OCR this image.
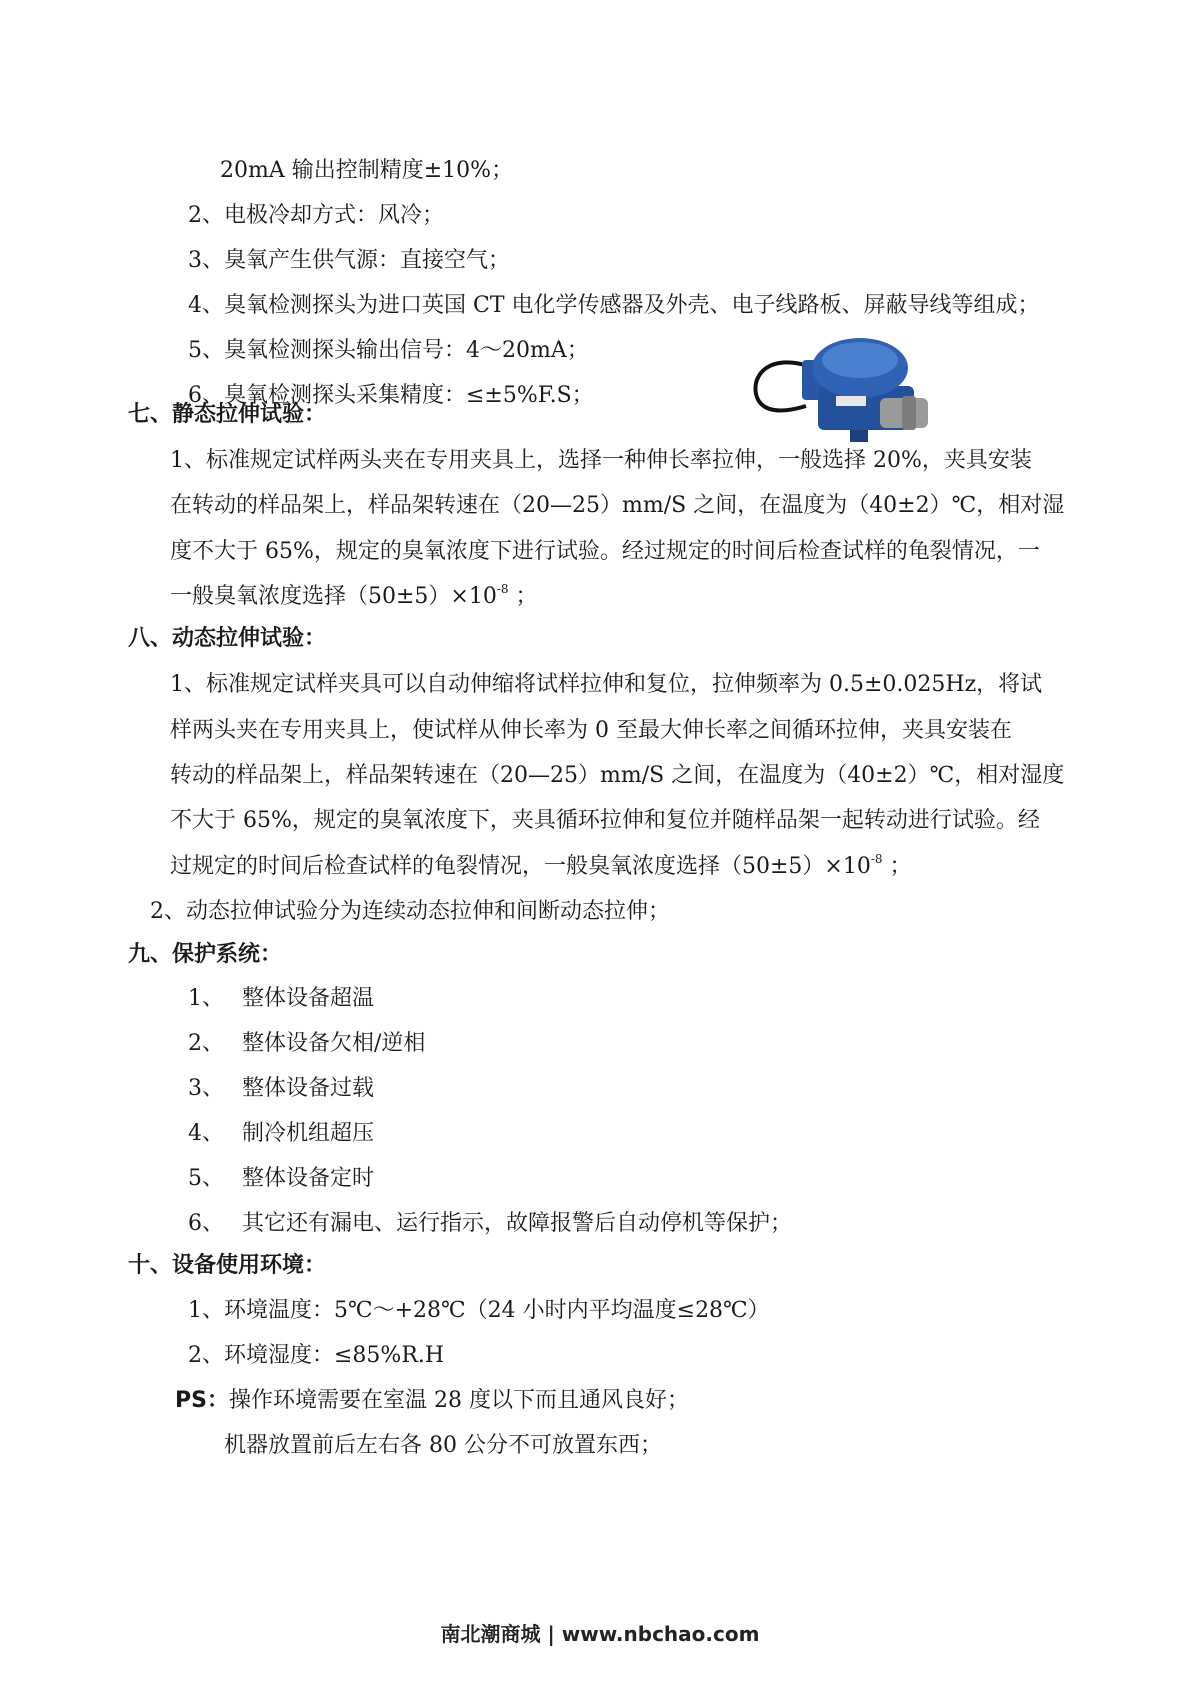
20mA 输出控制精度±10%；
2、电极冷却方式：风冷；
3、臭氧产生供气源：直接空气；
4、臭氧检测探头为进口英国 CT 电化学传感器及外壳、电子线路板、屏蔽导线等组成；
5、臭氧检测探头输出信号：4～20mA；
6、臭氧检测探头采集精度：≤±5%F.S；
七、静态拉伸试验：
1、标准规定试样两头夹在专用夹具上，选择一种伸长率拉伸，一般选择 20%，夹具安装
在转动的样品架上，样品架转速在（20—25）mm/S 之间，在温度为（40±2）℃，相对湿
度不大于 65%，规定的臭氧浓度下进行试验。经过规定的时间后检查试样的龟裂情况，一
一般臭氧浓度选择$(50\pm 5)\times 10^{-8}$ ；
八、动态拉伸试验：
1、标准规定试样夹具可以自动伸缩将试样拉伸和复位，拉伸频率为 0.5±0.025Hz，将试
样两头夹在专用夹具上，使试样从伸长率为 0 至最大伸长率之间循环拉伸，夹具安装在
转动的样品架上，样品架转速在（20—25）mm/S 之间，在温度为（40±2）℃，相对湿度
不大于 65%，规定的臭氧浓度下，夹具循环拉伸和复位并随样品架一起转动进行试验。经
过规定的时间后检查试样的龟裂情况，一般臭氧浓度选择$(50\pm 5)\times 10^{-8}$ ；
2、动态拉伸试验分为连续动态拉伸和间断动态拉伸；
九、保护系统：
1、 整体设备超温
2、 整体设备欠相/逆相
3、 整体设备过载
4、 制冷机组超压
5、 整体设备定时
6、 其它还有漏电、运行指示，故障报警后自动停机等保护；
十、设备使用环境：
1、环境温度：5℃～+28℃（24 小时内平均温度≤28℃）
2、环境湿度：≤85%R.H
PS：操作环境需要在室温 28 度以下而且通风良好；
机器放置前后左右各 80 公分不可放置东西；
南北潮商城 | www.nbchao.com
